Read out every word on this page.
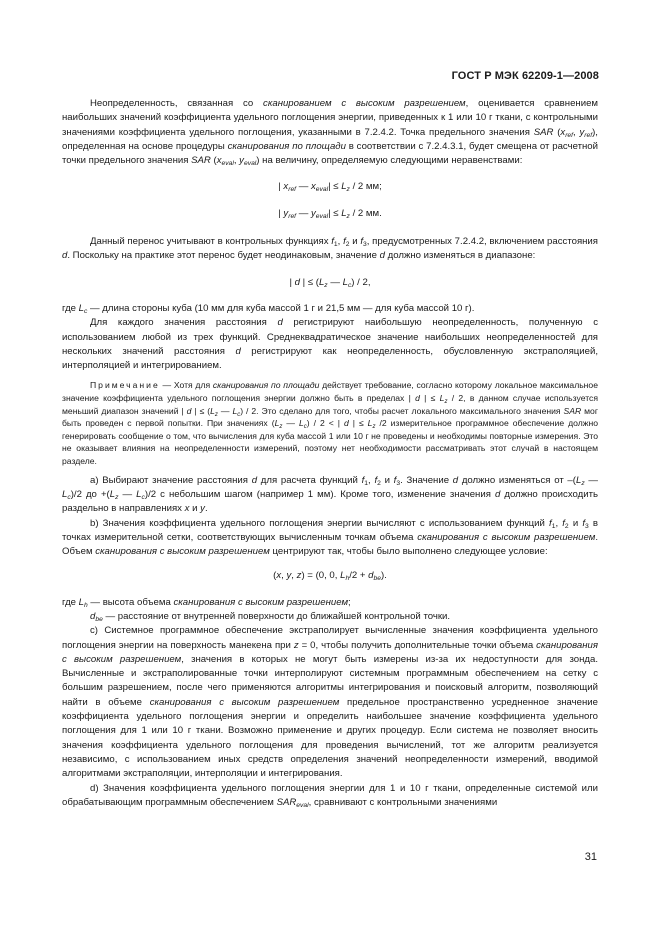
ГОСТ Р МЭК 62209-1—2008

Неопределенность, связанная со сканированием с высоким разрешением, оценивается сравнением наибольших значений коэффициента удельного поглощения энергии, приведенных к 1 или 10 г ткани, с контрольными значениями коэффициента удельного поглощения, указанными в 7.2.4.2. Точка предельного значения SAR ($x_{ref}$, $y_{ref}$), определенная на основе процедуры сканирования по площади в соответствии с 7.2.4.3.1, будет смещена от расчетной точки предельного значения SAR ($x_{eval}$, $y_{eval}$) на величину, определяемую следующими неравенствами:

| $x_{ref}$ — $x_{eval}| \le L_z / 2$ мм;

| $y_{ref}$ — $y_{eval}| \le L_z / 2$ мм.

Данный перенос учитывают в контрольных функциях $f_1$, $f_2$ и $f_3$, предусмотренных 7.2.4.2, включением расстояния d. Поскольку на практике этот перенос будет неодинаковым, значение d должно изменяться в диапазоне:

| d | ≤ ($L_z$ — $L_c) / 2$,

где $L_c$ — длина стороны куба (10 мм для куба массой 1 г и 21,5 мм — для куба массой 10 г).

Для каждого значения расстояния d регистрируют наибольшую неопределенность, полученную с использованием любой из трех функций. Среднеквадратическое значение наибольших неопределенностей для нескольких значений расстояния d регистрируют как неопределенность, обусловленную экстраполяцией, интерполяцией и интегрированием.

Примечание — Хотя для сканирования по площади действует требование, согласно которому локальное максимальное значение коэффициента удельного поглощения энергии должно быть в пределах | d | ≤ $L_z / 2$, в данном случае используется меньший диапазон значений | d | ≤ ($L_z$ — $L_c) / 2$. Это сделано для того, чтобы расчет локального максимального значения SAR мог быть проведен с первой попытки. При значениях ($L_z$ — $L_c) / 2$ < | d | ≤ $L_z$ /2 измерительное программное обеспечение должно генерировать сообщение о том, что вычисления для куба массой 1 или 10 г не проведены и необходимы повторные измерения. Это не оказывает влияния на неопределенности измерений, поэтому нет необходимости рассматривать этот случай в настоящем разделе.

а) Выбирают значение расстояния d для расчета функций $f_1$, $f_2$ и $f_3$. Значение d должно изменяться от $-(L_z$ — $L_c)/2$ до $+(L_z$ — $L_c)/2$ с небольшим шагом (например 1 мм). Кроме того, изменение значения d должно происходить раздельно в направлениях x и y.

b) Значения коэффициента удельного поглощения энергии вычисляют с использованием функций $f_1$, $f_2$ и $f_3$ в точках измерительной сетки, соответствующих вычисленным точкам объема сканирования с высоким разрешением. Объем сканирования с высоким разрешением центрируют так, чтобы было выполнено следующее условие:

(x, y, z) = (0, 0, $L_h/2 + d_{be}$).

где $L_h$ — высота объема сканирования с высоким разрешением;

$d_{be}$ — расстояние от внутренней поверхности до ближайшей контрольной точки.

c) Системное программное обеспечение экстраполирует вычисленные значения коэффициента удельного поглощения энергии на поверхность манекена при z = 0, чтобы получить дополнительные точки объема сканирования с высоким разрешением, значения в которых не могут быть измерены из-за их недоступности для зонда. Вычисленные и экстраполированные точки интерполируют системным программным обеспечением на сетку с большим разрешением, после чего применяются алгоритмы интегрирования и поисковый алгоритм, позволяющий найти в объеме сканирования с высоким разрешением предельное пространственно усредненное значение коэффициента удельного поглощения энергии и определить наибольшее значение коэффициента удельного поглощения для 1 или 10 г ткани. Возможно применение и других процедур. Если система не позволяет вносить значения коэффициента удельного поглощения для проведения вычислений, тот же алгоритм реализуется независимо, с использованием иных средств определения значений неопределенности измерений, вводимой алгоритмами экстраполяции, интерполяции и интегрирования.

d) Значения коэффициента удельного поглощения энергии для 1 и 10 г ткани, определенные системой или обрабатывающим программным обеспечением $SAR_{eval}$, сравнивают с контрольными значениями

31
